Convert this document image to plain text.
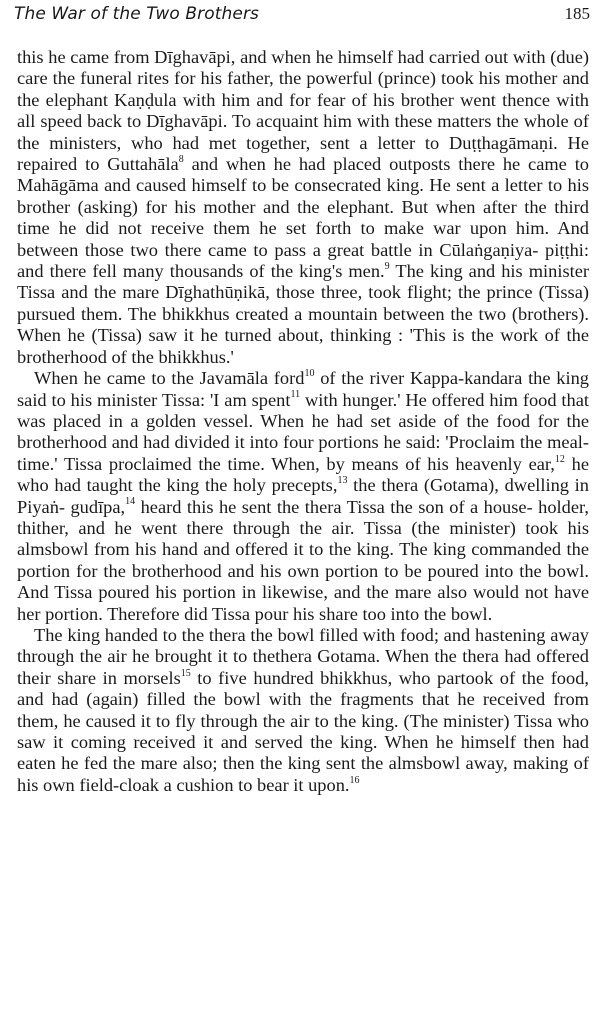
The War of the Two Brothers	185

this he came from Dīghavāpi, and when he himself had carried out with (due) care the funeral rites for his father, the powerful (prince) took his mother and the elephant Kaṇḍula with him and for fear of his brother went thence with all speed back to Dīghavāpi. To acquaint him with these matters the whole of the ministers, who had met together, sent a letter to Duṭṭhagāmaṇi. He repaired to Guttahāla$^8$ and when he had placed outposts there he came to Mahāgāma and caused himself to be consecrated king. He sent a letter to his brother (asking) for his mother and the elephant. But when after the third time he did not receive them he set forth to make war upon him. And between those two there came to pass a great battle in Cūlaṅgaṇiya- piṭṭhi: and there fell many thousands of the king's men.$^9$ The king and his minister Tissa and the mare Dīghathūṇikā, those three, took flight; the prince (Tissa) pursued them. The bhikkhus created a mountain between the two (brothers). When he (Tissa) saw it he turned about, thinking : 'This is the work of the brotherhood of the bhikkhus.'

When he came to the Javamāla ford$^{10}$ of the river Kappa-kandara the king said to his minister Tissa: 'I am spent$^{11}$ with hunger.' He offered him food that was placed in a golden vessel. When he had set aside of the food for the brotherhood and had divided it into four portions he said: 'Proclaim the meal-time.' Tissa proclaimed the time. When, by means of his heavenly ear,$^{12}$ he who had taught the king the holy precepts,$^{13}$ the thera (Gotama), dwelling in Piyaṅ- gudīpa,$^{14}$ heard this he sent the thera Tissa the son of a house- holder, thither, and he went there through the air. Tissa (the minister) took his almsbowl from his hand and offered it to the king. The king commanded the portion for the brotherhood and his own portion to be poured into the bowl. And Tissa poured his portion in likewise, and the mare also would not have her portion. Therefore did Tissa pour his share too into the bowl.

The king handed to the thera the bowl filled with food; and hastening away through the air he brought it to thethera Gotama. When the thera had offered their share in morsels$^{15}$ to five hundred bhikkhus, who partook of the food, and had (again) filled the bowl with the fragments that he received from them, he caused it to fly through the air to the king. (The minister) Tissa who saw it coming received it and served the king. When he himself then had eaten he fed the mare also; then the king sent the almsbowl away, making of his own field-cloak a cushion to bear it upon.$^{16}$
